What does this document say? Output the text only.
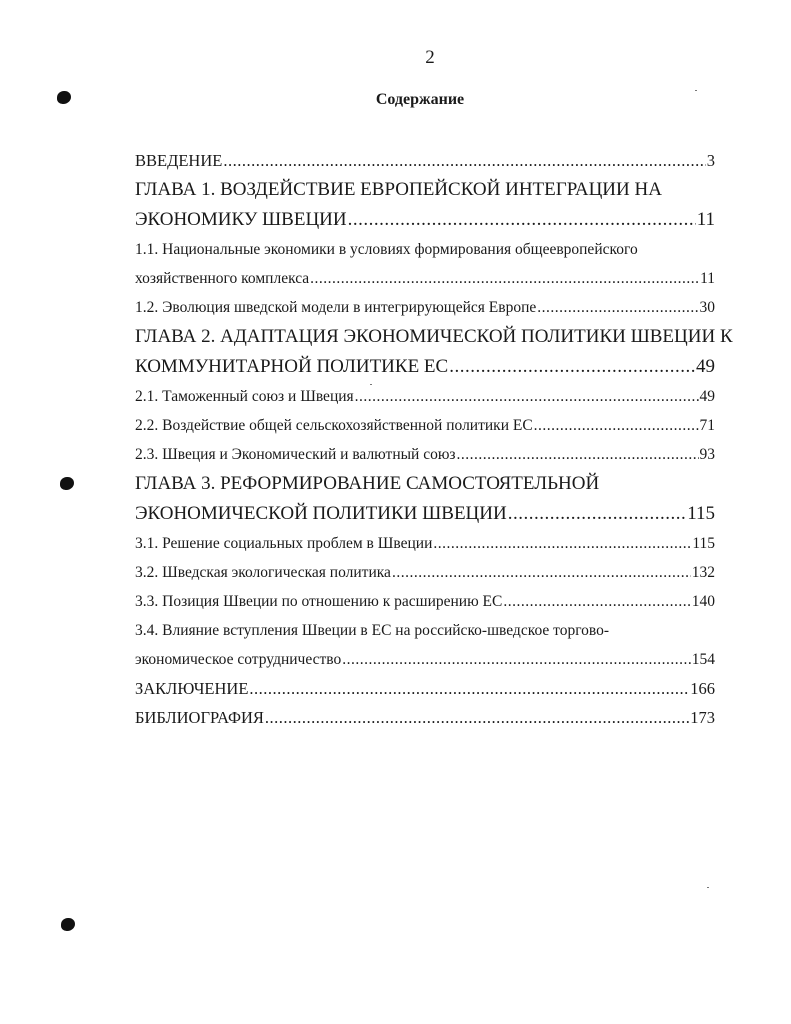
2
Содержание
ВВЕДЕНИЕ .....	3
ГЛАВА 1. ВОЗДЕЙСТВИЕ ЕВРОПЕЙСКОЙ ИНТЕГРАЦИИ НА
ЭКОНОМИКУ ШВЕЦИИ .....	11
1.1. Национальные экономики в условиях формирования общеевропейского
хозяйственного комплекса .....	11
1.2. Эволюция шведской модели в интегрирующейся Европе .....	30
ГЛАВА 2. АДАПТАЦИЯ ЭКОНОМИЧЕСКОЙ ПОЛИТИКИ ШВЕЦИИ К
КОММУНИТАРНОЙ ПОЛИТИКЕ ЕС .....	49
2.1. Таможенный союз и Швеция .....	49
2.2. Воздействие общей сельскохозяйственной политики ЕС .....	71
2.3. Швеция и Экономический и валютный союз .....	93
ГЛАВА 3. РЕФОРМИРОВАНИЕ САМОСТОЯТЕЛЬНОЙ
ЭКОНОМИЧЕСКОЙ ПОЛИТИКИ ШВЕЦИИ .....	115
3.1. Решение социальных проблем в Швеции .....	115
3.2. Шведская экологическая политика .....	132
3.3. Позиция Швеции по отношению к расширению ЕС .....	140
3.4. Влияние вступления Швеции в ЕС на российско-шведское торгово-
экономическое сотрудничество .....	154
ЗАКЛЮЧЕНИЕ .....	166
БИБЛИОГРАФИЯ .....	173
